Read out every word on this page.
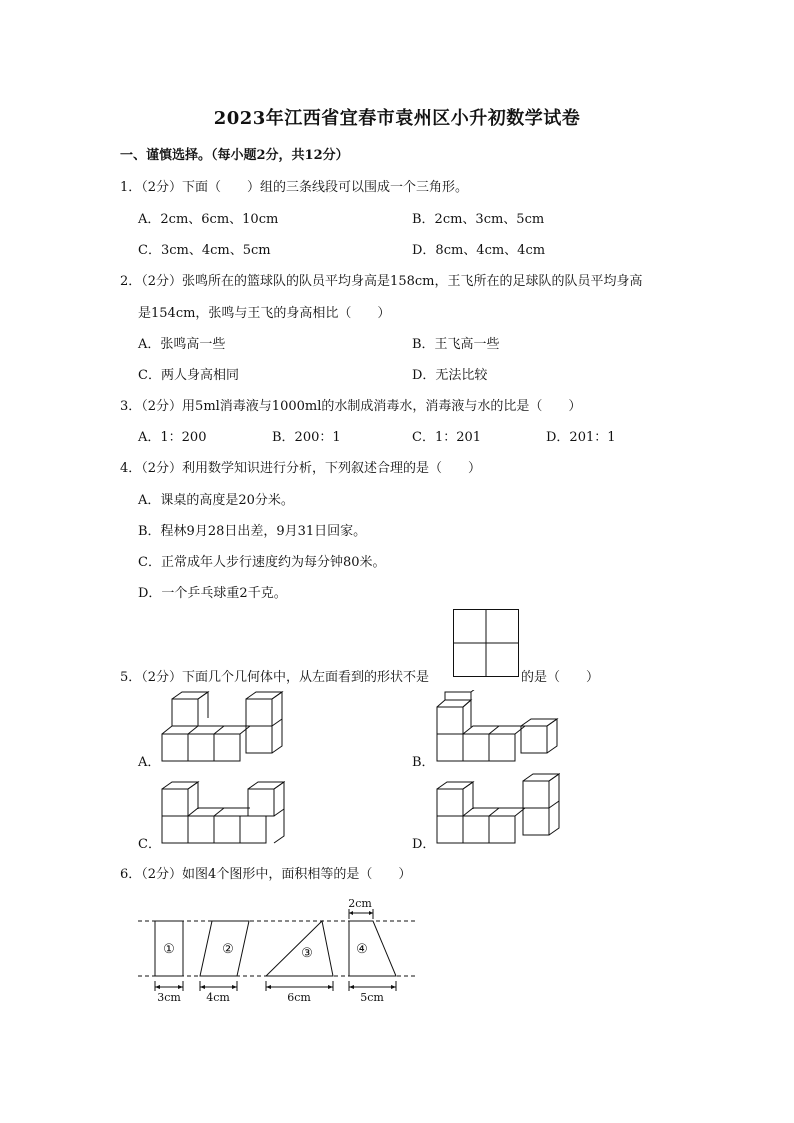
2023年江西省宜春市袁州区小升初数学试卷
一、谨慎选择。（每小题2分，共12分）
1．（2分）下面（　　）组的三条线段可以围成一个三角形。
A．2cm、6cm、10cm	B．2cm、3cm、5cm
C．3cm、4cm、5cm	D．8cm、4cm、4cm
2．（2分）张鸣所在的篮球队的队员平均身高是158cm，王飞所在的足球队的队员平均身高
是154cm，张鸣与王飞的身高相比（　　）
A．张鸣高一些	B．王飞高一些
C．两人身高相同	D．无法比较
3．（2分）用5ml消毒液与1000ml的水制成消毒水，消毒液与水的比是（　　）
A．1：200	B．200：1	C．1：201	D．201：1
4．（2分）利用数学知识进行分析，下列叙述合理的是（　　）
A．课桌的高度是20分米。
B．程林9月28日出差，9月31日回家。
C．正常成年人步行速度约为每分钟80米。
D．一个乒乓球重2千克。
5．（2分）下面几个几何体中，从左面看到的形状不是	的是（　　）
A．	B．
C．	D．
6．（2分）如图4个图形中，面积相等的是（　　）
①	②	③	④
3cm 4cm	6cm	5cm
2cm
